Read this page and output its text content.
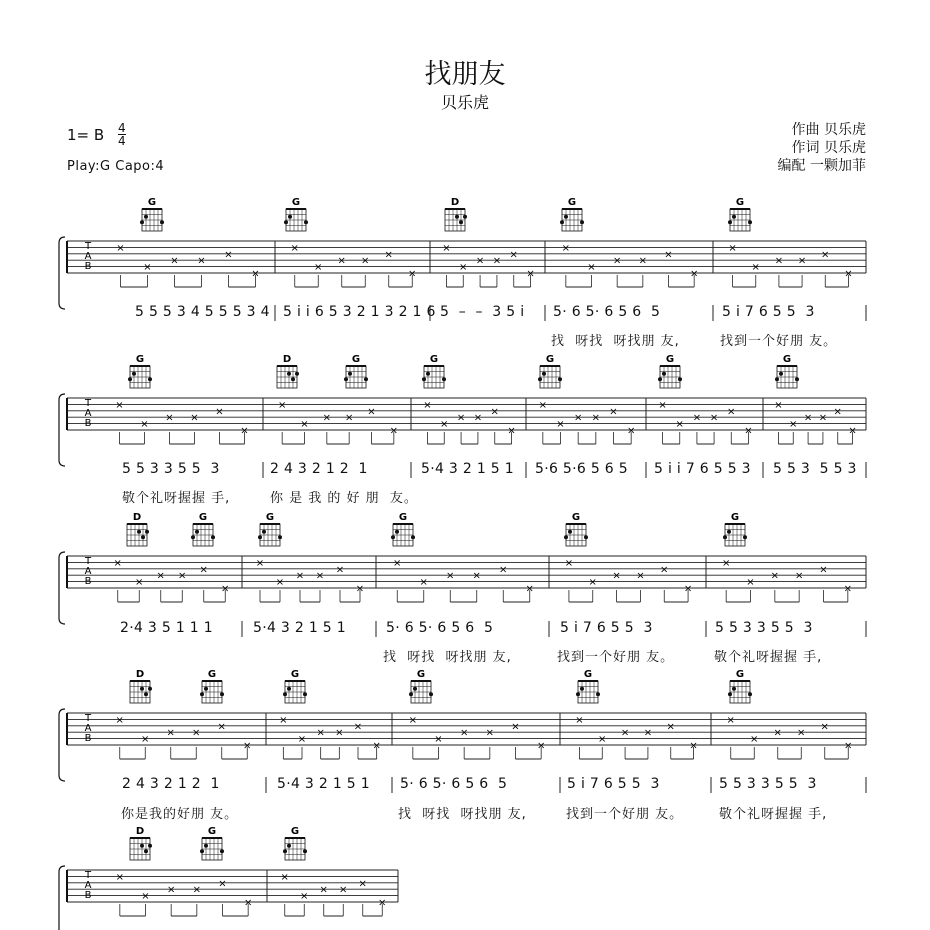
找朋友
贝乐虎
1= B 4
4
Play:G Capo:4
作曲 贝乐虎
作词 贝乐虎
编配 一颗加菲
T
A
B
G	G	D	G	G
×
×
× ×
×
×
×
×
× ×
×
×
×
×
× ×
×
×
×
×
× ×
×
×
×
×
× ×
×
×
T
A
B
G	D	G	G	G	G	G
×
×
× ×
×
×
×
×
× ×
×
×
×
×
× ×
×
×
×
×
× ×
×
×
×
×
× ×
×
×
×
×
× ×
×
×
T
A
B
D	G	G	G	G	G
×
×
× ×
×
×
×
×
× ×
×
×
×
×
× ×
×
×
×
×
× ×
×
×
×
×
× ×
×
×
T
A
B
D	G	G	G	G	G
×
×
× ×
×
×
×
×
× ×
×
×
×
×
× ×
×
×
×
×
× ×
×
×
×
×
× ×
×
×
T
A
B
D	G	G
×
×
× ×
×
×
×
×
× ×
×
×
5 5 5 3 4 5 5 5 3 4 5 i i 6 5 3 2 1 3 2 1 6 5  –  –  3 5 i 5· 6 5· 6 5 6  5	5 i 7 6 5 5  3
找  呀找  呀找朋 友,	找到一个好朋 友。
5 5 3 3 5 5  3	2 4 3 2 1 2  1	5·4 3 2 1 5 1 5·6 5·6 5 6 5 5 i i 7 6 5 5 3 5 5 3  5 5 3
敬个礼呀握握 手,	你 是 我 的 好 朋  友。
2·4 3 5 1 1 1	5·4 3 2 1 5 1	5· 6 5· 6 5 6  5	5 i 7 6 5 5  3	5 5 3 3 5 5  3
找  呀找  呀找朋 友,	找到一个好朋 友。	敬个礼呀握握 手,
2 4 3 2 1 2  1	5·4 3 2 1 5 1 5· 6 5· 6 5 6  5	5 i 7 6 5 5  3	5 5 3 3 5 5  3
你是我的好朋 友。	找  呀找  呀找朋 友,	找到一个好朋 友。	敬个礼呀握握 手,
